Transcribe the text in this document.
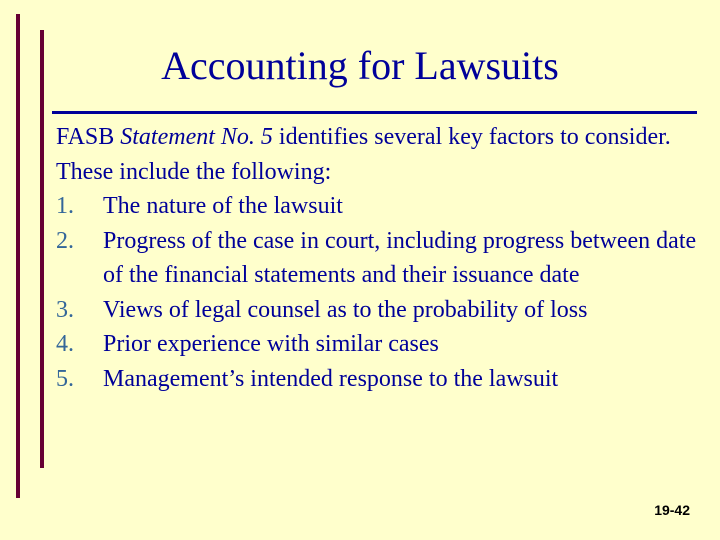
Accounting for Lawsuits

FASB Statement No. 5 identifies several key factors to consider. These include the following:

1. The nature of the lawsuit
2. Progress of the case in court, including progress between date of the financial statements and their issuance date
3. Views of legal counsel as to the probability of loss
4. Prior experience with similar cases
5. Management’s intended response to the lawsuit
19-42
